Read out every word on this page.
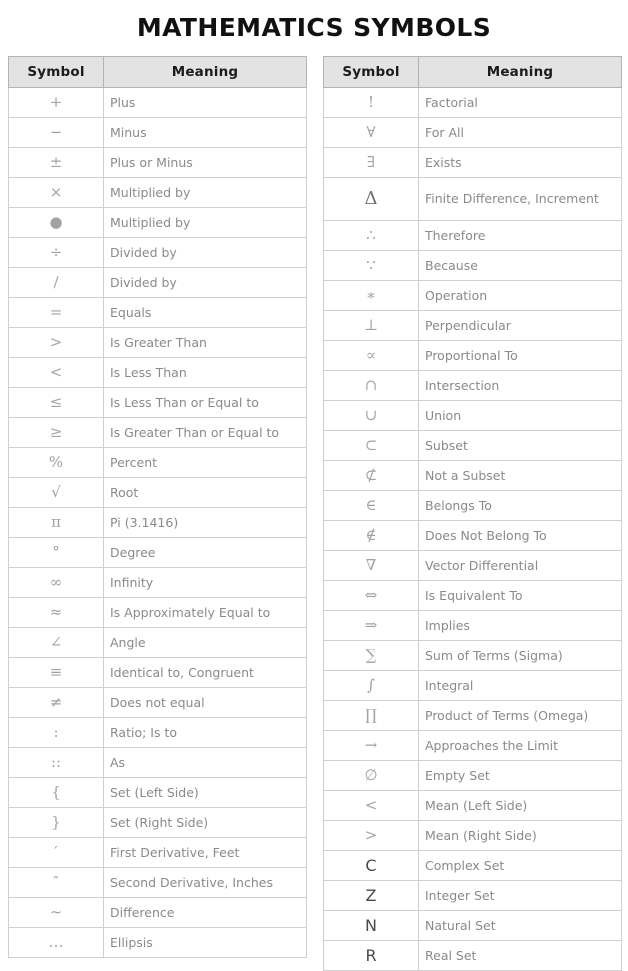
MATHEMATICS SYMBOLS
Symbol	Meaning
+	Plus
−	Minus
±	Plus or Minus
×	Multiplied by
●	Multiplied by
÷	Divided by
/	Divided by
=	Equals
>	Is Greater Than
<	Is Less Than
≤	Is Less Than or Equal to
≥	Is Greater Than or Equal to
%	Percent
√	Root
π	Pi (3.1416)
°	Degree
∞	Infinity
≈	Is Approximately Equal to
∠	Angle
≡	Identical to, Congruent
≠	Does not equal
:	Ratio; Is to
::	As
{	Set (Left Side)
}	Set (Right Side)
′	First Derivative, Feet
″	Second Derivative, Inches
∼	Difference
…	Ellipsis
Symbol	Meaning
!	Factorial
∀	For All
∃	Exists
Δ	Finite Difference, Increment
∴	Therefore
∵	Because
∗	Operation
⊥	Perpendicular
∝	Proportional To
∩	Intersection
∪	Union
⊂	Subset
⊄	Not a Subset
∈	Belongs To
∉	Does Not Belong To
∇	Vector Differential
⇔	Is Equivalent To
⇒	Implies
∑	Sum of Terms (Sigma)
∫	Integral
∏	Product of Terms (Omega)
→	Approaches the Limit
∅	Empty Set
<	Mean (Left Side)
>	Mean (Right Side)
C	Complex Set
Z	Integer Set
N	Natural Set
R	Real Set
